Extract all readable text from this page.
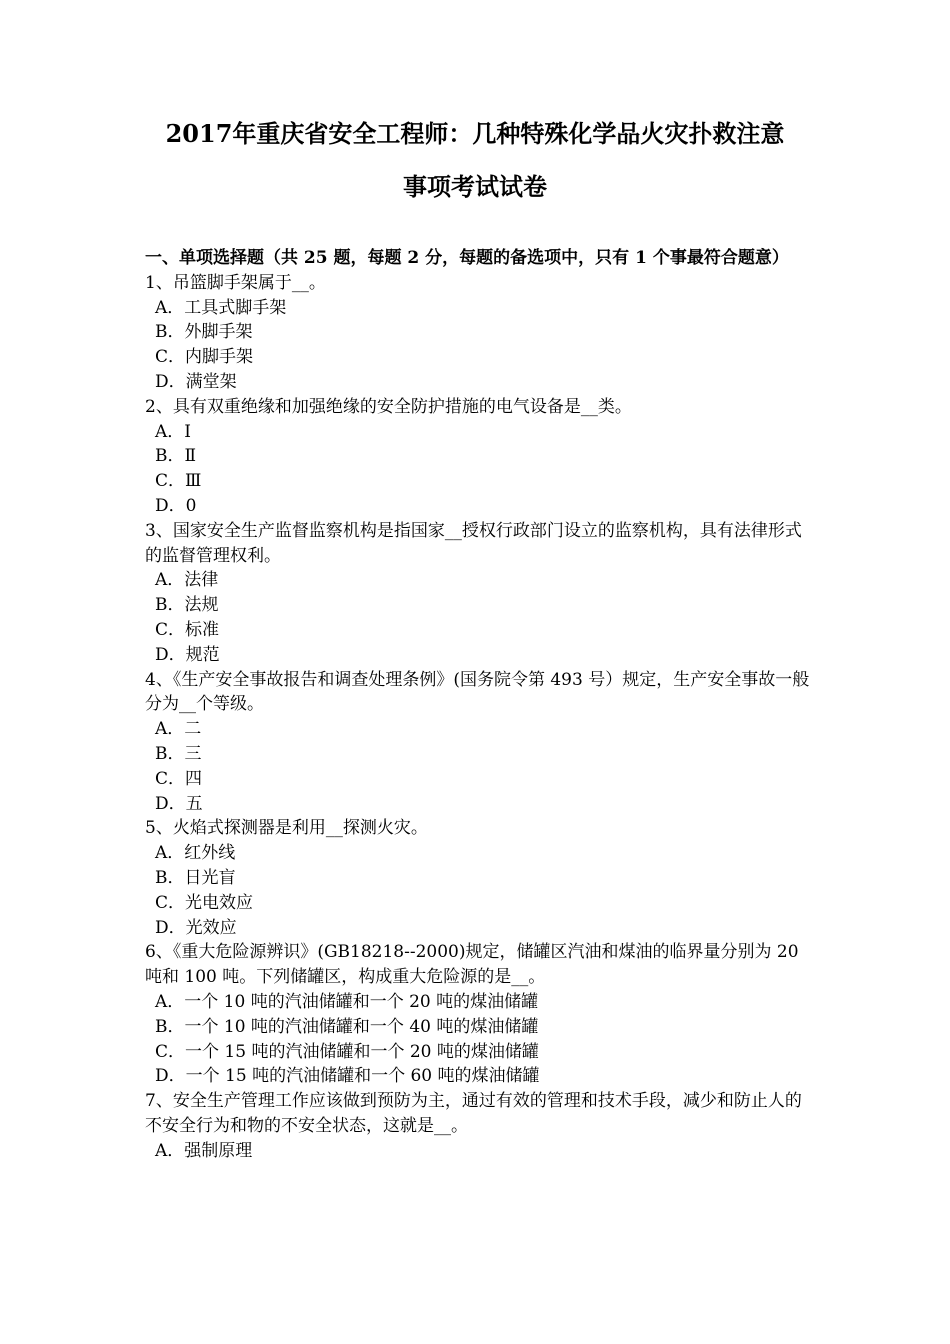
2017年重庆省安全工程师：几种特殊化学品火灾扑救注意
事项考试试卷

一、单项选择题（共 25 题，每题 2 分，每题的备选项中，只有 1 个事最符合题意）

1、吊篮脚手架属于__。

A．工具式脚手架

B．外脚手架

C．内脚手架

D．满堂架

2、具有双重绝缘和加强绝缘的安全防护措施的电气设备是__类。

A．Ⅰ

B．Ⅱ

C．Ⅲ

D．0

3、国家安全生产监督监察机构是指国家__授权行政部门设立的监察机构，具有法律形式的监督管理权利。

A．法律

B．法规

C．标准

D．规范

4、《生产安全事故报告和调查处理条例》(国务院令第 493 号）规定，生产安全事故一般分为__个等级。

A．二

B．三

C．四

D．五

5、火焰式探测器是利用__探测火灾。

A．红外线

B．日光盲

C．光电效应

D．光效应

6、《重大危险源辨识》(GB18218--2000)规定，储罐区汽油和煤油的临界量分别为 20 吨和 100 吨。下列储罐区，构成重大危险源的是__。

A．一个 10 吨的汽油储罐和一个 20 吨的煤油储罐

B．一个 10 吨的汽油储罐和一个 40 吨的煤油储罐

C．一个 15 吨的汽油储罐和一个 20 吨的煤油储罐

D．一个 15 吨的汽油储罐和一个 60 吨的煤油储罐

7、安全生产管理工作应该做到预防为主，通过有效的管理和技术手段，减少和防止人的不安全行为和物的不安全状态，这就是__。

A．强制原理
